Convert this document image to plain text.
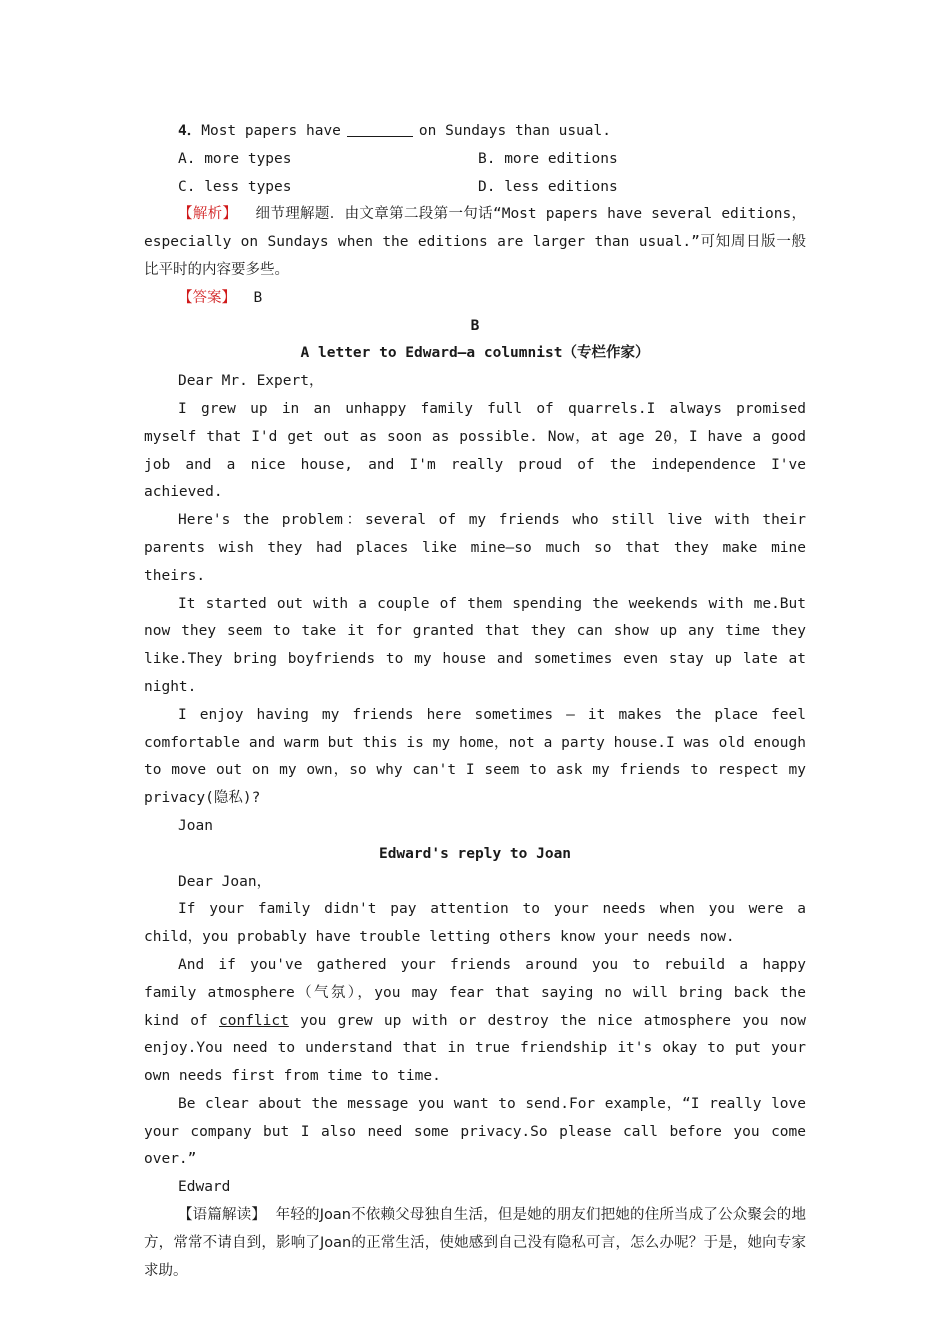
4．Most papers have	on Sundays than usual.

A. more types	B. more editions
C. less types	D. less editions

【解析】 细节理解题．由文章第二段第一句话“Most papers have several editions，especially on Sundays when the editions are larger than usual.”可知周日版一般比平时的内容要多些。

【答案】 B

B

A letter to Edward—a columnist（专栏作家）

Dear Mr. Expert，

I grew up in an unhappy family full of quarrels.I always promised myself that I'd get out as soon as possible. Now，at age 20，I have a good job and a nice house, and I'm really proud of the independence I've achieved.

Here's the problem：several of my friends who still live with their parents wish they had places like mine—so much so that they make mine theirs.

It started out with a couple of them spending the weekends with me.But now they seem to take it for granted that they can show up any time they like.They bring boyfriends to my house and sometimes even stay up late at night.

I enjoy having my friends here sometimes — it makes the place feel comfortable and warm but this is my home，not a party house.I was old enough to move out on my own，so why can't I seem to ask my friends to respect my privacy(隐私)?

Joan

Edward's reply to Joan

Dear Joan，

If your family didn't pay attention to your needs when you were a child，you probably have trouble letting others know your needs now.

And if you've gathered your friends around you to rebuild a happy family atmosphere（气氛），you may fear that saying no will bring back the kind of conflict you grew up with or destroy the nice atmosphere you now enjoy.You need to understand that in true friendship it's okay to put your own needs first from time to time.

Be clear about the message you want to send.For example，“I really love your company but I also need some privacy.So please call before you come over.”

Edward

【语篇解读】 年轻的Joan不依赖父母独自生活，但是她的朋友们把她的住所当成了公众聚会的地方，常常不请自到，影响了Joan的正常生活，使她感到自己没有隐私可言，怎么办呢？于是，她向专家求助。
